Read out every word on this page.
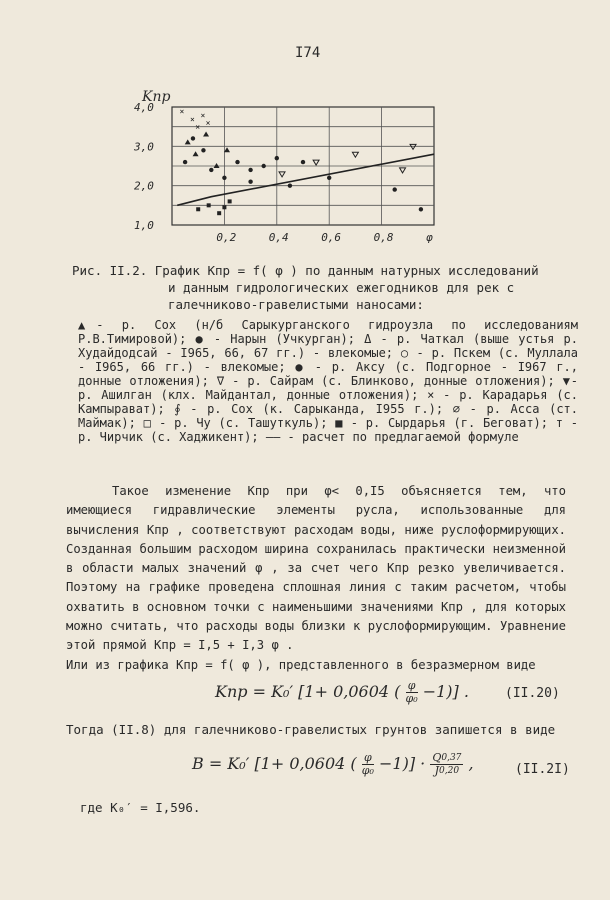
I74
Kпр
4,0
3,0
2,0
1,0
0,2	0,4	0,6	0,8	φ
×
×
×
×
×
Рис. II.2. График Kпр = f( φ ) по данным натурных исследований
и данным гидрологических ежегодников для рек с
галечниково-гравелистыми наносами:
▲- р. Сох (н/б Сарыкурганского гидроузла по исследованиям Р.В.Тимировой); ● - Нарын (Учкурган); Δ - р. Чаткал (выше устья р. Худайдодсай - I965, 66, 67 гг.) - влекомые; ○ - р. Пскем (с. Муллала - I965, 66 гг.) - влекомые; ● - р. Аксу (с. Подгорное - I967 г., донные отложения); ∇ - р. Сайрам (с. Блинково, донные отложения); ▼- р. Ашилган (клх. Майдантал, донные отложения); × - р. Карадарья (с. Кампырават); ∮ - р. Сох (к. Сарыканда, I955 г.); ∅ - р. Асса (ст. Маймак); □ - р. Чу (с. Ташуткуль); ■ - р. Сырдарья (г. Беговат); т - р. Чирчик (с. Хаджикент); —— - расчет по предлагаемой формуле
Такое изменение Kпр при φ< 0,I5 объясняется тем, что имеющиеся гидравлические элементы русла, использованные для вычисления Kпр , соответствуют расходам воды, ниже руслоформирующих. Созданная большим расходом ширина сохранилась практически неизменной в области малых значений φ , за счет чего Kпр резко увеличивается. Поэтому на графике проведена сплошная линия с таким расчетом, чтобы охватить в основном точки с наименьшими значениями Kпр , для которых можно считать, что расходы воды близки к руслоформирующим. Уравнение этой прямой Kпр = I,5 + I,3 φ .
Или из графика Kпр = f( φ ), представленного в безразмерном виде
Kпр = K₀′ [1+ 0,0604 ( $\frac{\varphi}{\text{φ₀}} -1$)] .	(II.20)
Тогда (II.8) для галечниково-гравелистых грунтов запишется в виде
B = K₀′ [1+ 0,0604 ( $\frac{\varphi}{\text{φ₀}} -1)] \cdot \frac{Q^{0,37}}{J^{0,20}}$ ,	(II.2I)
где K₀′ = I,596.
